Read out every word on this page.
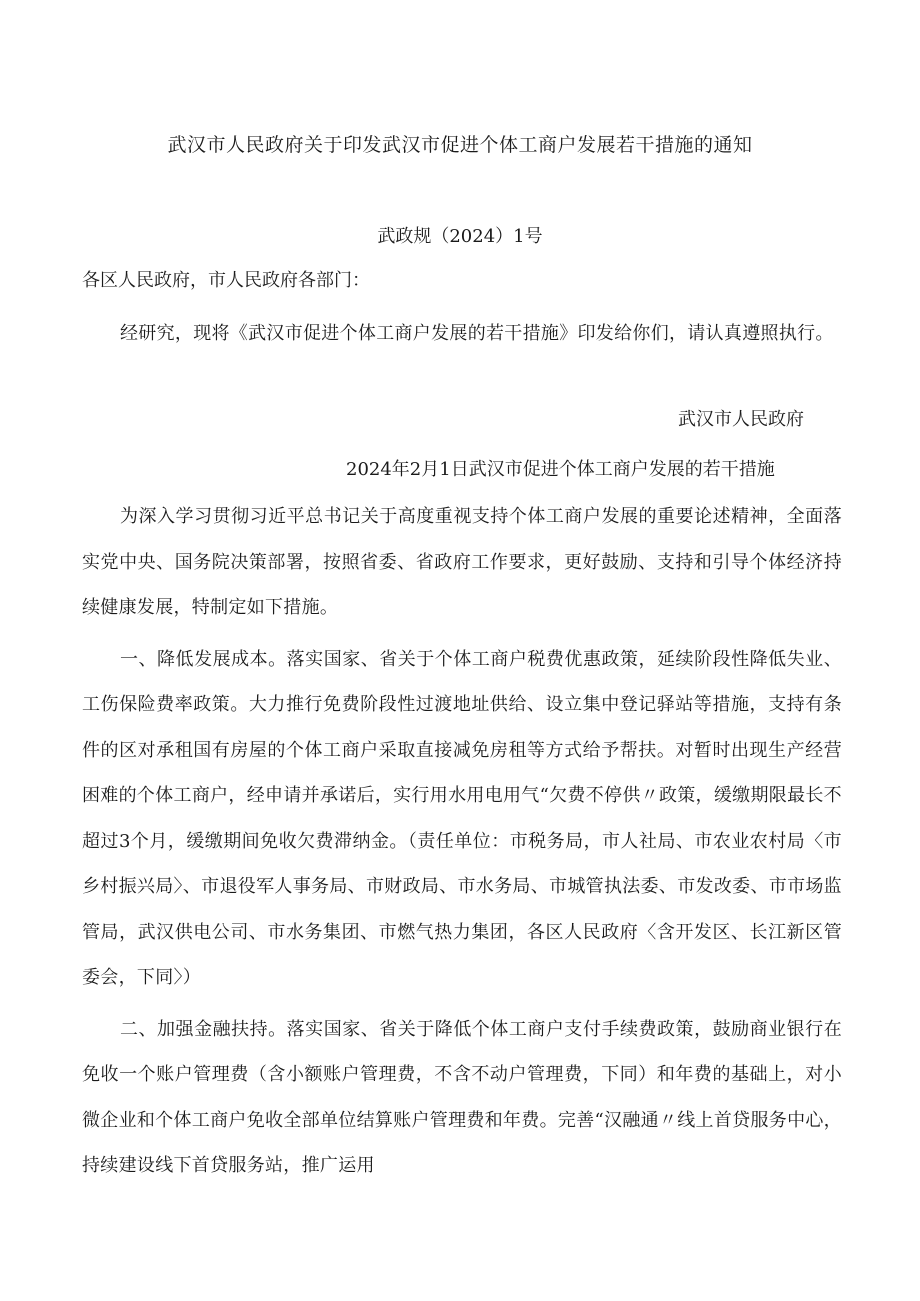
武汉市人民政府关于印发武汉市促进个体工商户发展若干措施的通知
武政规（2024）1号
各区人民政府，市人民政府各部门：
经研究，现将《武汉市促进个体工商户发展的若干措施》印发给你们，请认真遵照执行。
武汉市人民政府
2024年2月1日武汉市促进个体工商户发展的若干措施

为深入学习贯彻习近平总书记关于高度重视支持个体工商户发展的重要论述精神，全面落实党中央、国务院决策部署，按照省委、省政府工作要求，更好鼓励、支持和引导个体经济持续健康发展，特制定如下措施。

一、降低发展成本。落实国家、省关于个体工商户税费优惠政策，延续阶段性降低失业、工伤保险费率政策。大力推行免费阶段性过渡地址供给、设立集中登记驿站等措施，支持有条件的区对承租国有房屋的个体工商户采取直接减免房租等方式给予帮扶。对暂时出现生产经营困难的个体工商户，经申请并承诺后，实行用水用电用气“欠费不停供〃政策，缓缴期限最长不超过3个月，缓缴期间免收欠费滞纳金。（责任单位：市税务局，市人社局、市农业农村局〈市乡村振兴局〉、市退役军人事务局、市财政局、市水务局、市城管执法委、市发改委、市市场监管局，武汉供电公司、市水务集团、市燃气热力集团，各区人民政府〈含开发区、长江新区管委会，下同〉）

二、加强金融扶持。落实国家、省关于降低个体工商户支付手续费政策，鼓励商业银行在免收一个账户管理费（含小额账户管理费，不含不动户管理费，下同）和年费的基础上，对小微企业和个体工商户免收全部单位结算账户管理费和年费。完善“汉融通〃线上首贷服务中心，持续建设线下首贷服务站，推广运用
